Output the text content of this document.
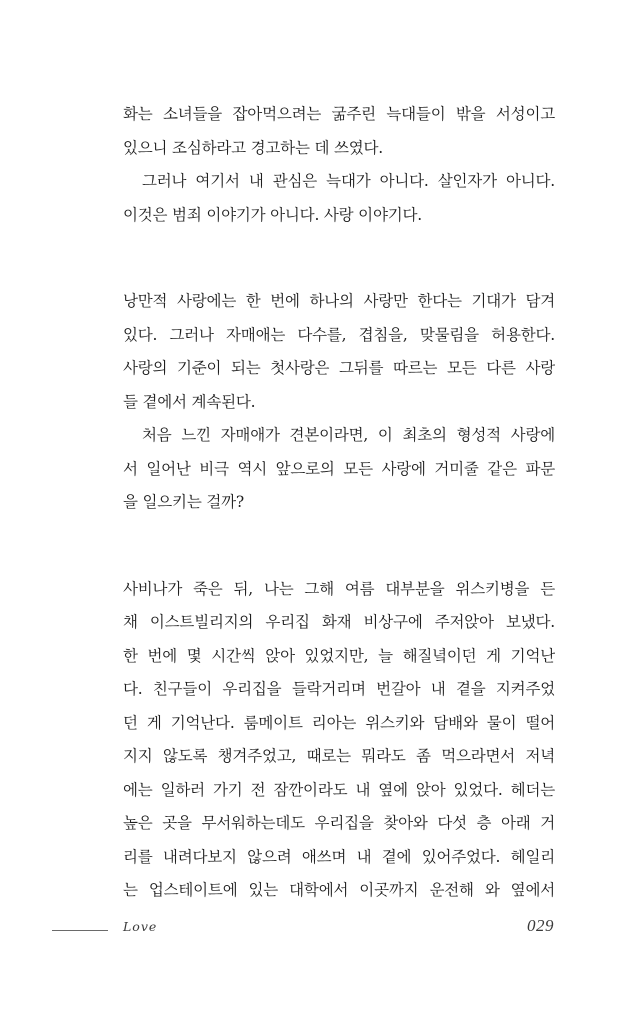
화는 소녀들을 잡아먹으려는 굶주린 늑대들이 밖을 서성이고
있으니 조심하라고 경고하는 데 쓰였다.
그러나 여기서 내 관심은 늑대가 아니다. 살인자가 아니다.
이것은 범죄 이야기가 아니다. 사랑 이야기다.
낭만적 사랑에는 한 번에 하나의 사랑만 한다는 기대가 담겨
있다. 그러나 자매애는 다수를, 겹침을, 맞물림을 허용한다.
사랑의 기준이 되는 첫사랑은 그뒤를 따르는 모든 다른 사랑
들 곁에서 계속된다.
처음 느낀 자매애가 견본이라면, 이 최초의 형성적 사랑에
서 일어난 비극 역시 앞으로의 모든 사랑에 거미줄 같은 파문
을 일으키는 걸까?
사비나가 죽은 뒤, 나는 그해 여름 대부분을 위스키병을 든
채 이스트빌리지의 우리집 화재 비상구에 주저앉아 보냈다.
한 번에 몇 시간씩 앉아 있었지만, 늘 해질녘이던 게 기억난
다. 친구들이 우리집을 들락거리며 번갈아 내 곁을 지켜주었
던 게 기억난다. 룸메이트 리아는 위스키와 담배와 물이 떨어
지지 않도록 챙겨주었고, 때로는 뭐라도 좀 먹으라면서 저녁
에는 일하러 가기 전 잠깐이라도 내 옆에 앉아 있었다. 헤더는
높은 곳을 무서워하는데도 우리집을 찾아와 다섯 층 아래 거
리를 내려다보지 않으려 애쓰며 내 곁에 있어주었다. 헤일리
는 업스테이트에 있는 대학에서 이곳까지 운전해 와 옆에서
Love	029
